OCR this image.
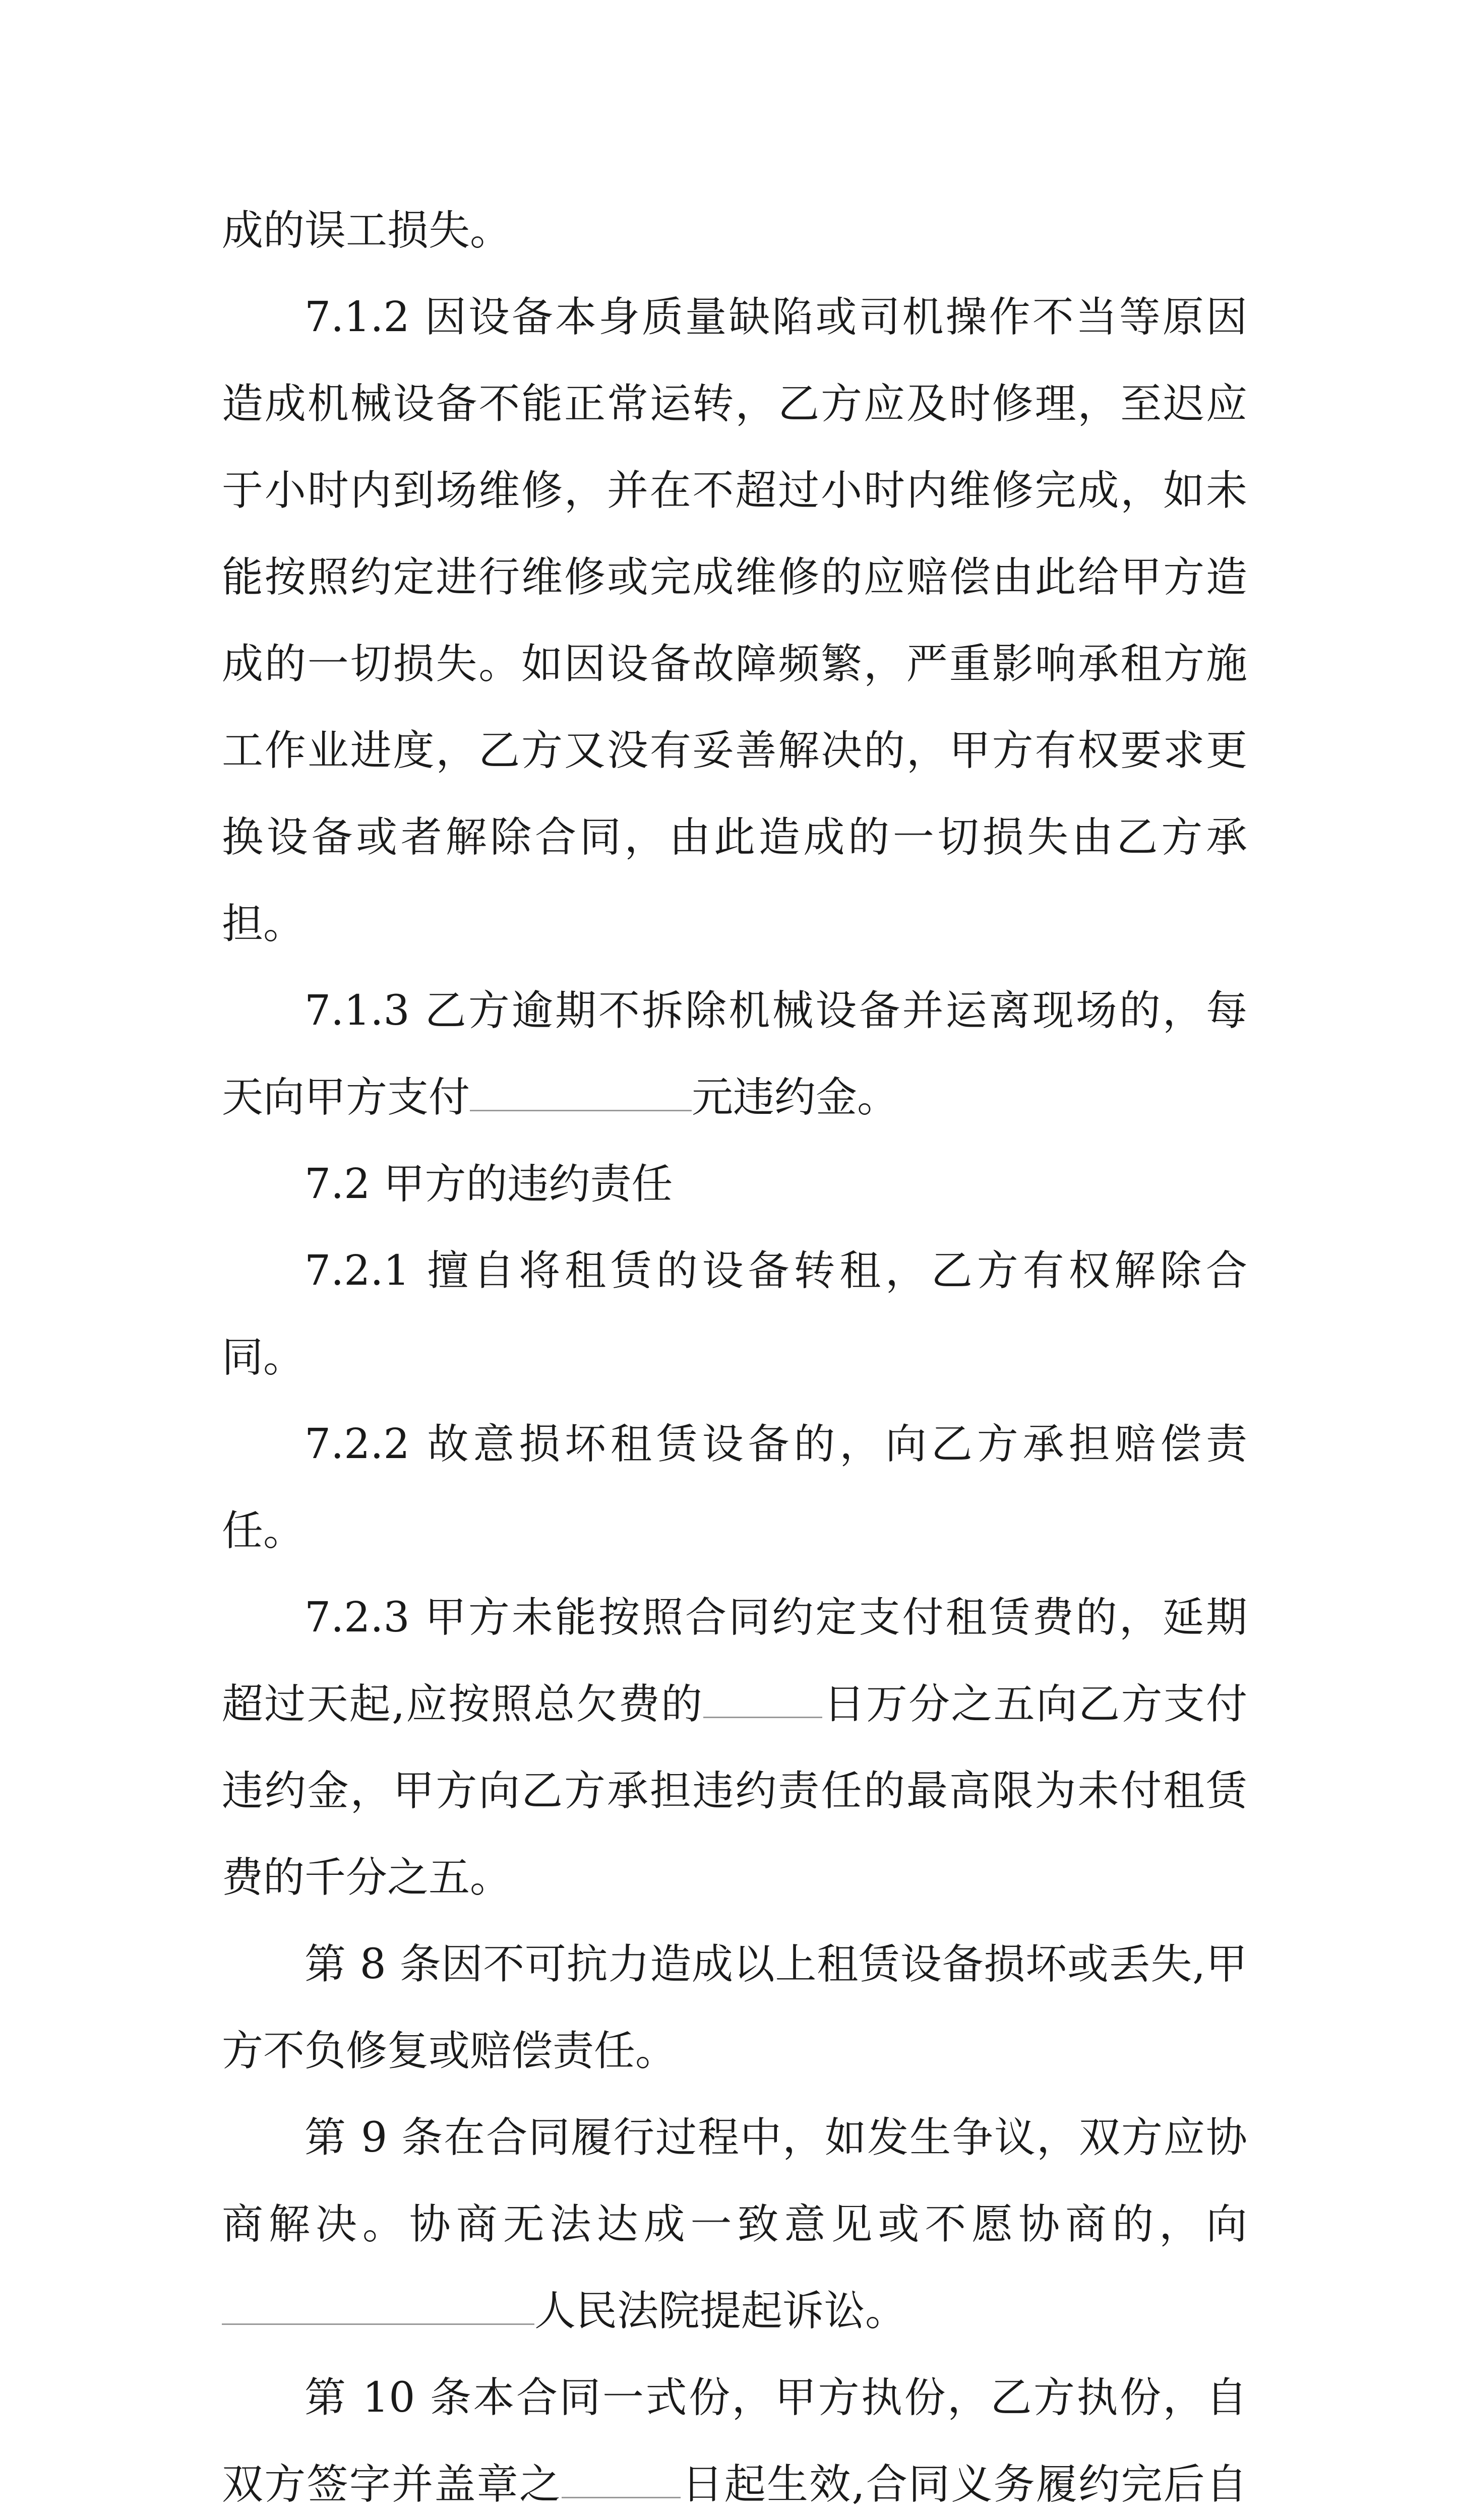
成的误工损失。

7.1.2 因设备本身质量缺陷或司机操作不当等原因造成机械设备不能正常运转，乙方应及时修理，至迟应于小时内到场维修，并在不超过小时内维修完成，如未能按照约定进行维修或完成维修的应赔偿由此给甲方造成的一切损失。如因设备故障频繁，严重影响承租方施工作业进度，乙方又没有妥善解决的，甲方有权要求更换设备或者解除合同，由此造成的一切损失由乙方承担。

7.1.3 乙方逾期不拆除机械设备并运离现场的，每天向甲方支付	元违约金。

7.2 甲方的违约责任

7.2.1 擅自将租赁的设备转租，乙方有权解除合同。

7.2.2 故意损坏租赁设备的，向乙方承担赔偿责任。

7.2.3 甲方未能按照合同约定支付租赁费的，延期超过天起,应按照总欠费的	日万分之五向乙方支付违约金，甲方向乙方承担违约责任的最高限为未付租赁费的千分之五。

第 8 条因不可抗力造成以上租赁设备损坏或丢失,甲方不负修复或赔偿责任。

第 9 条在合同履行过程中，如发生争议，双方应协商解决。协商无法达成一致意见或不愿协商的，向

人民法院提起诉讼。

第 10 条本合同一式份，甲方执份，乙方执份，自双方签字并盖章之	日起生效,合同义务履约完后自
